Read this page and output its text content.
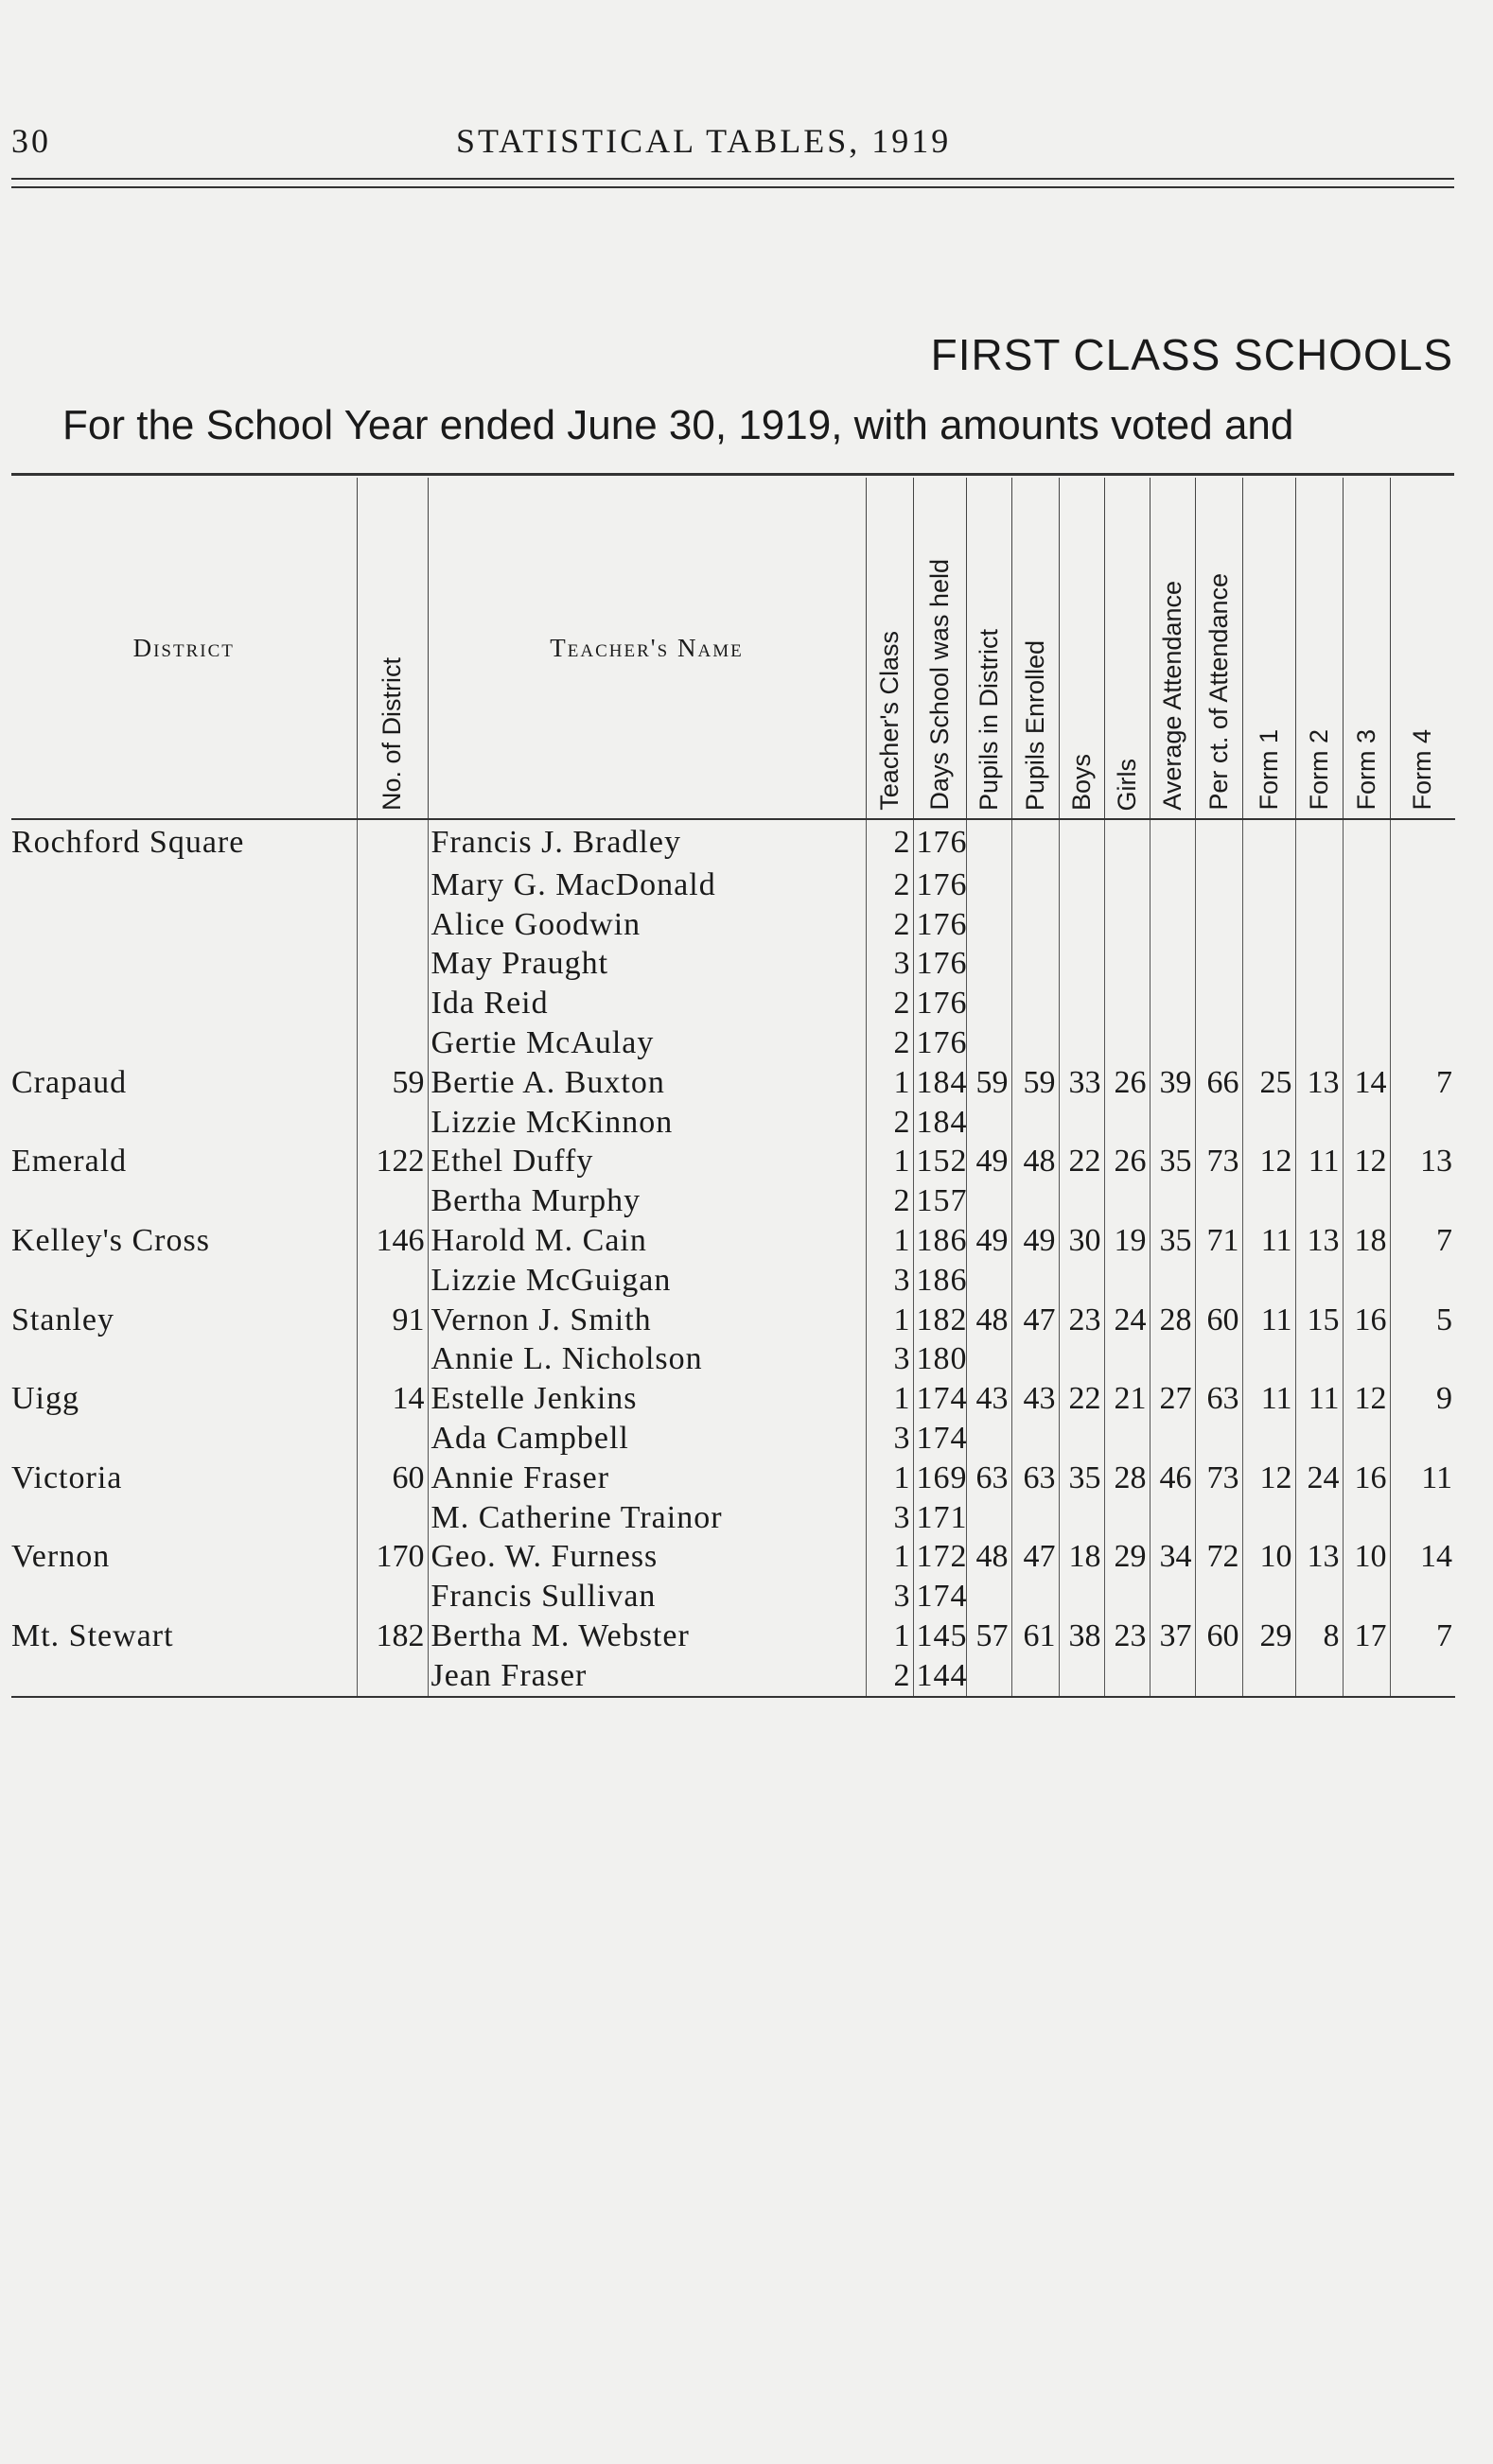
30	STATISTICAL TABLES, 1919
FIRST CLASS SCHOOLS
For the School Year ended June 30, 1919, with amounts voted and
District	No. of District	Teacher's Name	Teacher's Class	Days School was held	Pupils in District	Pupils Enrolled	Boys	Girls	Average Attendance	Per ct. of Attendance	Form 1	Form 2	Form 3	Form 4

Rochford Square		Francis J. Bradley	2	176										
		Mary G. MacDonald	2	176										
		Alice Goodwin	2	176										
		May Praught	3	176										
		Ida Reid	2	176										
		Gertie McAulay	2	176										
Crapaud	59	Bertie A. Buxton	1	184	59	59	33	26	39	66	25	13	14	7
		Lizzie McKinnon	2	184										
Emerald	122	Ethel Duffy	1	152	49	48	22	26	35	73	12	11	12	13
		Bertha Murphy	2	157										
Kelley's Cross	146	Harold M. Cain	1	186	49	49	30	19	35	71	11	13	18	7
		Lizzie McGuigan	3	186										
Stanley	91	Vernon J. Smith	1	182	48	47	23	24	28	60	11	15	16	5
		Annie L. Nicholson	3	180										
Uigg	14	Estelle Jenkins	1	174	43	43	22	21	27	63	11	11	12	9
		Ada Campbell	3	174										
Victoria	60	Annie Fraser	1	169	63	63	35	28	46	73	12	24	16	11
		M. Catherine Trainor	3	171										
Vernon	170	Geo. W. Furness	1	172	48	47	18	29	34	72	10	13	10	14
		Francis Sullivan	3	174										
Mt. Stewart	182	Bertha M. Webster	1	145	57	61	38	23	37	60	29	8	17	7
		Jean Fraser	2	144										
